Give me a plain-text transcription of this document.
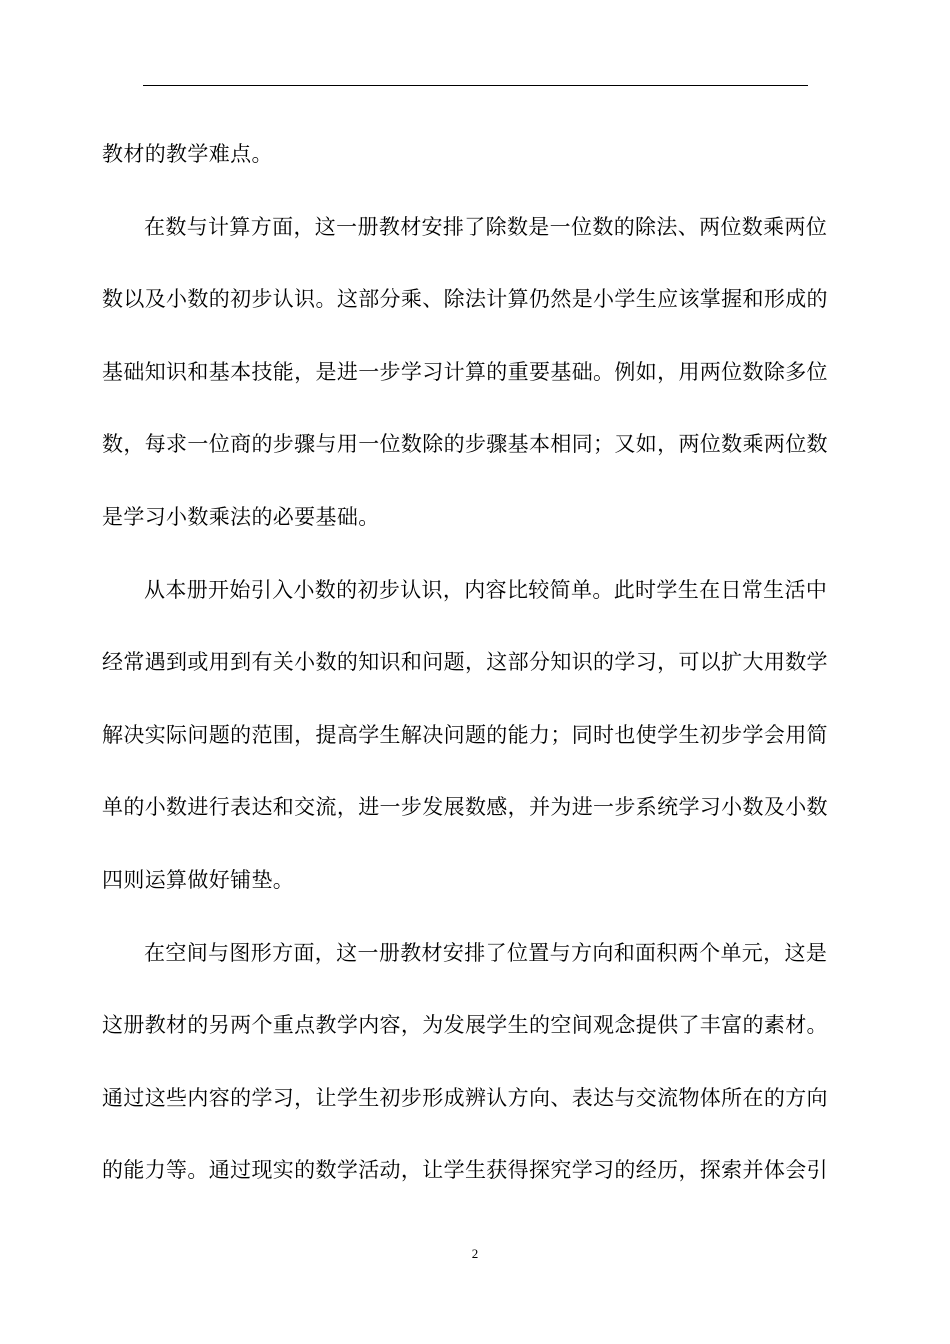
教材的教学难点。
在数与计算方面，这一册教材安排了除数是一位数的除法、两位数乘两位
数以及小数的初步认识。这部分乘、除法计算仍然是小学生应该掌握和形成的
基础知识和基本技能，是进一步学习计算的重要基础。例如，用两位数除多位
数，每求一位商的步骤与用一位数除的步骤基本相同；又如，两位数乘两位数
是学习小数乘法的必要基础。
从本册开始引入小数的初步认识，内容比较简单。此时学生在日常生活中
经常遇到或用到有关小数的知识和问题，这部分知识的学习，可以扩大用数学
解决实际问题的范围，提高学生解决问题的能力；同时也使学生初步学会用简
单的小数进行表达和交流，进一步发展数感，并为进一步系统学习小数及小数
四则运算做好铺垫。
在空间与图形方面，这一册教材安排了位置与方向和面积两个单元，这是
这册教材的另两个重点教学内容，为发展学生的空间观念提供了丰富的素材。
通过这些内容的学习，让学生初步形成辨认方向、表达与交流物体所在的方向
的能力等。通过现实的数学活动，让学生获得探究学习的经历，探索并体会引
2
